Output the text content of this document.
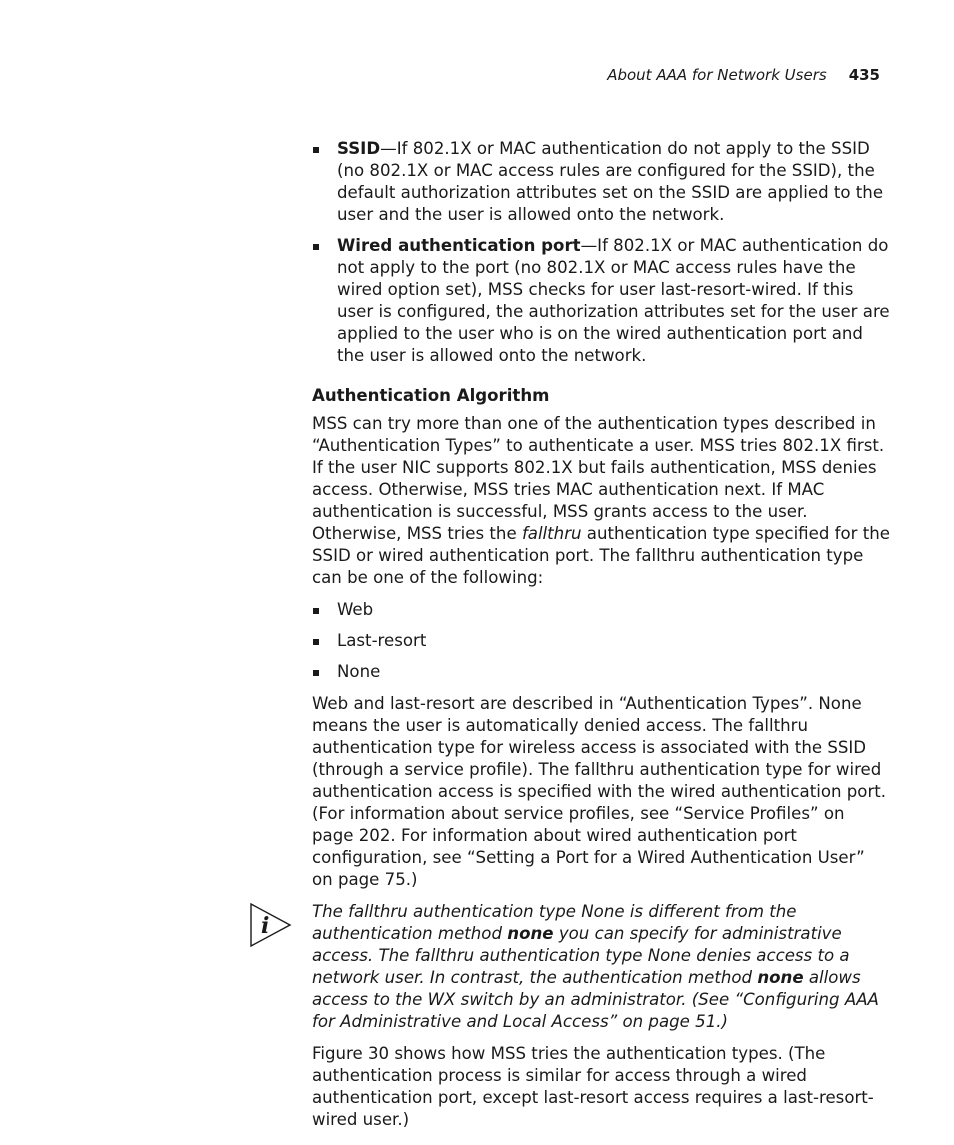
About AAA for Network Users 435
SSID—If 802.1X or MAC authentication do not apply to the SSID (no 802.1X or MAC access rules are configured for the SSID), the default authorization attributes set on the SSID are applied to the user and the user is allowed onto the network.
Wired authentication port—If 802.1X or MAC authentication do not apply to the port (no 802.1X or MAC access rules have the wired option set), MSS checks for user last-resort-wired. If this user is configured, the authorization attributes set for the user are applied to the user who is on the wired authentication port and the user is allowed onto the network.
Authentication Algorithm

MSS can try more than one of the authentication types described in “Authentication Types” to authenticate a user. MSS tries 802.1X first. If the user NIC supports 802.1X but fails authentication, MSS denies access. Otherwise, MSS tries MAC authentication next. If MAC authentication is successful, MSS grants access to the user. Otherwise, MSS tries the fallthru authentication type specified for the SSID or wired authentication port. The fallthru authentication type can be one of the following:

Web
Last-resort
None

Web and last-resort are described in “Authentication Types”. None means the user is automatically denied access. The fallthru authentication type for wireless access is associated with the SSID (through a service profile). The fallthru authentication type for wired authentication access is specified with the wired authentication port. (For information about service profiles, see “Service Profiles” on page 202. For information about wired authentication port configuration, see “Setting a Port for a Wired Authentication User” on page 75.)

i
The fallthru authentication type None is different from the authentication method none you can specify for administrative access. The fallthru authentication type None denies access to a network user. In contrast, the authentication method none allows access to the WX switch by an administrator. (See “Configuring AAA for Administrative and Local Access” on page 51.)

Figure 30 shows how MSS tries the authentication types. (The authentication process is similar for access through a wired authentication port, except last-resort access requires a last-resort-wired user.)
